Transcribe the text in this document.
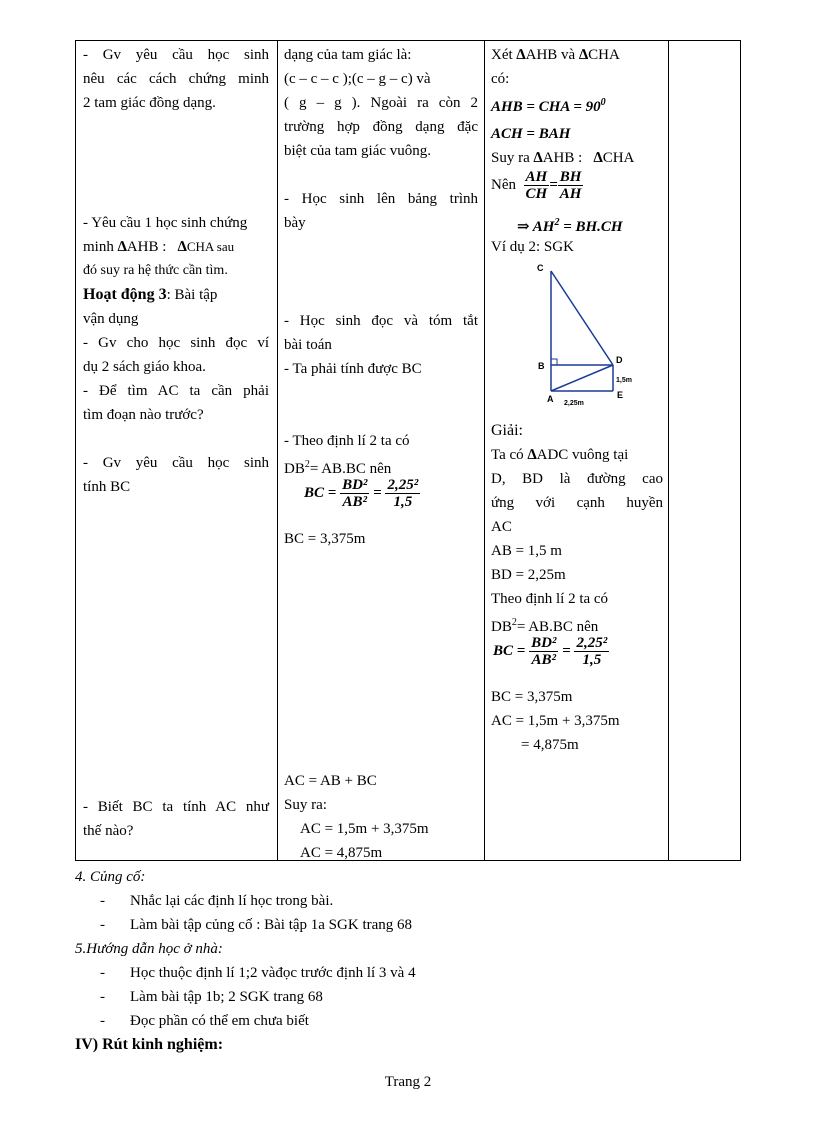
- Gv yêu cầu học sinh
nêu các cách chứng minh
2 tam giác đồng dạng.
- Yêu cầu 1 học sinh chứng
minh ∆AHB : ∆CHA sau
đó suy ra hệ thức cần tìm.
Hoạt động 3: Bài tập
vận dụng
- Gv cho học sinh đọc ví
dụ 2 sách giáo khoa.
- Để tìm AC ta cần phải
tìm đoạn nào trước?
- Gv yêu cầu học sinh
tính BC
- Biết BC ta tính AC như
thế nào?
dạng của tam giác là:
(c – c – c );(c – g – c) và
( g – g ). Ngoài ra còn 2
trường hợp đồng dạng đặc
biệt của tam giác vuông.
- Học sinh lên bảng trình
bày
- Học sinh đọc và tóm tắt
bài toán
- Ta phải tính được BC
- Theo định lí 2 ta có
$DB^2= AB.BC$ nên
BC = $\frac{\text{BD²}}{\text{AB²}} = \frac{\text{2,25²}}{1,5}$
BC = 3,375m
AC = AB + BC
Suy ra:
AC = 1,5m + 3,375m
AC = 4,875m
Xét ∆AHB và ∆CHA
có:
AHB = CHA = $90^0$
ACH = BAH
Suy ra ∆AHB : ∆CHA
Nên $\frac{AH}{CH} = \frac{BH}{AH}$
⇒ $AH^2 = BH.CH$
Ví dụ 2: SGK
C
B
D
A	E
1,5m
2,25m
Giải:
Ta có ∆ADC vuông tại
D, BD là đường cao
ứng với cạnh huyền
AC
AB = 1,5 m
BD = 2,25m
Theo định lí 2 ta có
$DB^2= AB.BC$ nên
BC = $\frac{\text{BD²}}{\text{AB²}} = \frac{\text{2,25²}}{1,5}$
BC = 3,375m
AC = 1,5m + 3,375m
= 4,875m
4. Củng cố:
- Nhắc lại các định lí học trong bài.
- Làm bài tập củng cố : Bài tập 1a SGK trang 68
5.Hướng dẫn học ở nhà:
- Học thuộc định lí 1;2 vàđọc trước định lí 3 và 4
- Làm bài tập 1b; 2 SGK trang 68
- Đọc phần có thể em chưa biết
IV) Rút kinh nghiệm:
Trang 2
